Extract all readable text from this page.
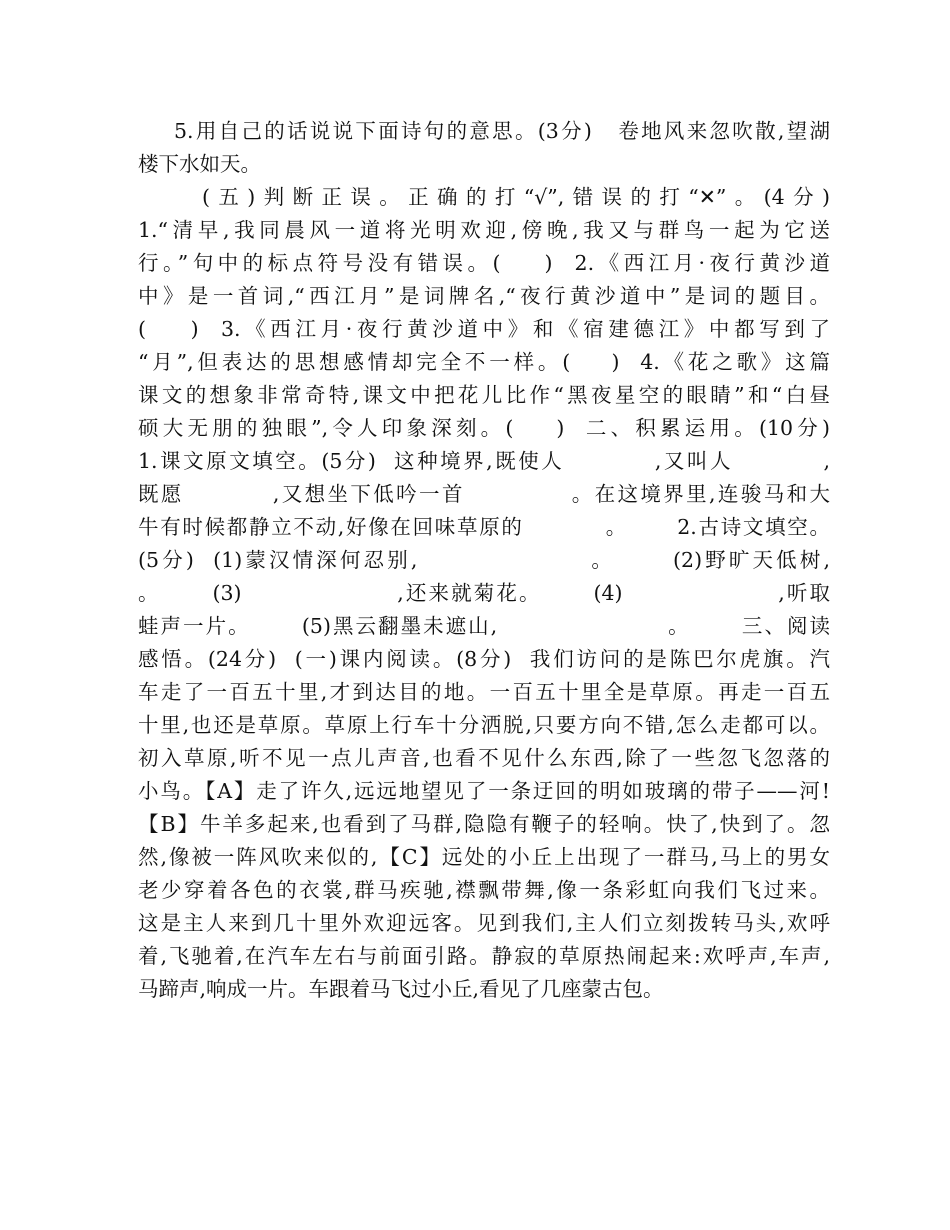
5.用自己的话说说下面诗句的意思。(3分)   卷地风来忽吹散,望湖
楼下水如天。
(五)判断正误。正确的打“√”,错误的打“✕”。(4分)
1.“清早,我同晨风一道将光明欢迎,傍晚,我又与群鸟一起为它送
行。”句中的标点符号没有错误。(    )  2.《西江月·夜行黄沙道
中》是一首词,“西江月”是词牌名,“夜行黄沙道中”是词的题目。
(    )  3.《西江月·夜行黄沙道中》和《宿建德江》中都写到了
“月”,但表达的思想感情却完全不一样。(    )  4.《花之歌》这篇
课文的想象非常奇特,课文中把花儿比作“黑夜星空的眼睛”和“白昼
硕大无朋的独眼”,令人印象深刻。(    )  二、积累运用。(10分)
1.课文原文填空。(5分)  这种境界,既使人          ,又叫人          ,
既愿          ,又想坐下低吟一首            。在这境界里,连骏马和大
牛有时候都静立不动,好像在回味草原的          。      2.古诗文填空。
(5分)  (1)蒙汉情深何忍别,                  。      (2)野旷天低树,
。      (3)                  ,还来就菊花。      (4)                  ,听取
蛙声一片。      (5)黑云翻墨未遮山,                    。      三、阅读
感悟。(24分)  (一)课内阅读。(8分)  我们访问的是陈巴尔虎旗。汽
车走了一百五十里,才到达目的地。一百五十里全是草原。再走一百五
十里,也还是草原。草原上行车十分洒脱,只要方向不错,怎么走都可以。
初入草原,听不见一点儿声音,也看不见什么东西,除了一些忽飞忽落的
小鸟。【A】走了许久,远远地望见了一条迂回的明如玻璃的带子——河!
【B】牛羊多起来,也看到了马群,隐隐有鞭子的轻响。快了,快到了。忽
然,像被一阵风吹来似的,【C】远处的小丘上出现了一群马,马上的男女
老少穿着各色的衣裳,群马疾驰,襟飘带舞,像一条彩虹向我们飞过来。
这是主人来到几十里外欢迎远客。见到我们,主人们立刻拨转马头,欢呼
着,飞驰着,在汽车左右与前面引路。静寂的草原热闹起来:欢呼声,车声,
马蹄声,响成一片。车跟着马飞过小丘,看见了几座蒙古包。
